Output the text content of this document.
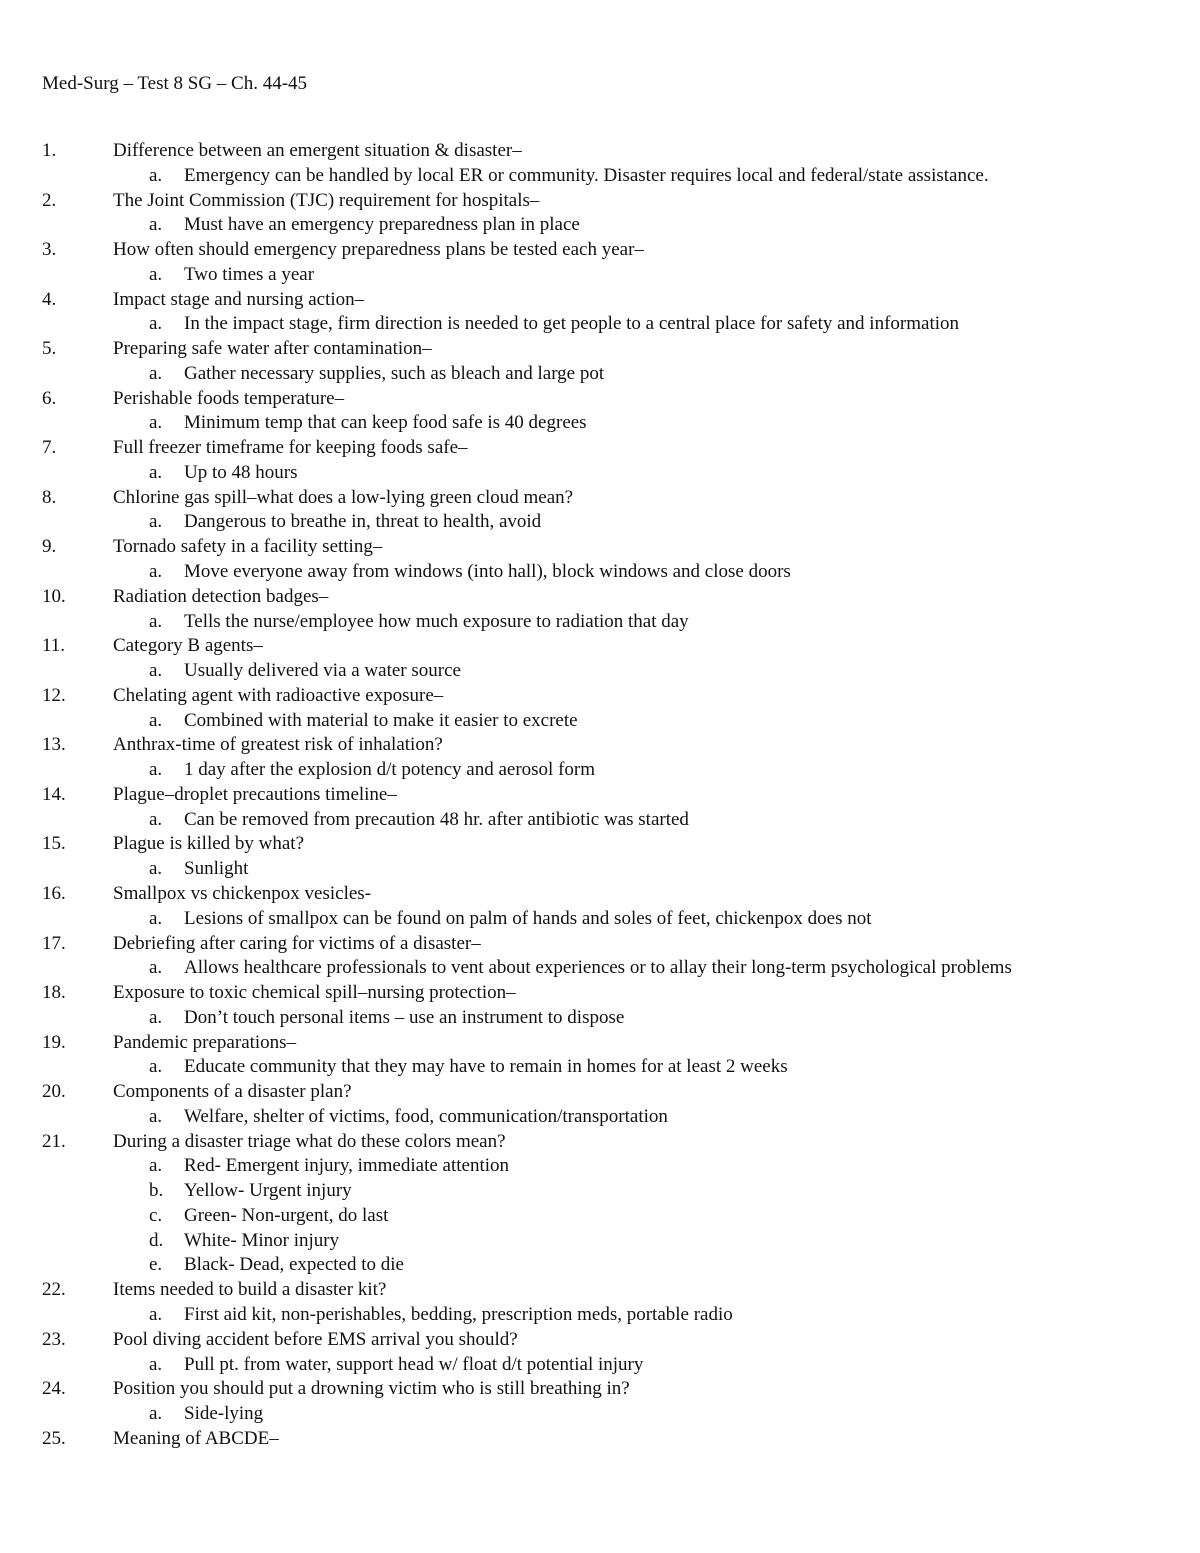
Med-Surg – Test 8 SG – Ch. 44-45
1.	Difference between an emergent situation & disaster–
a. Emergency can be handled by local ER or community. Disaster requires local and federal/state assistance.
2.	The Joint Commission (TJC) requirement for hospitals–
a. Must have an emergency preparedness plan in place
3.	How often should emergency preparedness plans be tested each year–
a. Two times a year
4.	Impact stage and nursing action–
a. In the impact stage, firm direction is needed to get people to a central place for safety and information
5.	Preparing safe water after contamination–
a. Gather necessary supplies, such as bleach and large pot
6.	Perishable foods temperature–
a. Minimum temp that can keep food safe is 40 degrees
7.	Full freezer timeframe for keeping foods safe–
a. Up to 48 hours
8.	Chlorine gas spill–what does a low-lying green cloud mean?
a. Dangerous to breathe in, threat to health, avoid
9.	Tornado safety in a facility setting–
a. Move everyone away from windows (into hall), block windows and close doors
10. Radiation detection badges–
a. Tells the nurse/employee how much exposure to radiation that day
11.	Category B agents–
a. Usually delivered via a water source
12. Chelating agent with radioactive exposure–
a. Combined with material to make it easier to excrete
13. Anthrax-time of greatest risk of inhalation?
a. 1 day after the explosion d/t potency and aerosol form
14. Plague–droplet precautions timeline–
a. Can be removed from precaution 48 hr. after antibiotic was started
15. Plague is killed by what?
a. Sunlight
16. Smallpox vs chickenpox vesicles-
a. Lesions of smallpox can be found on palm of hands and soles of feet, chickenpox does not
17. Debriefing after caring for victims of a disaster–
a. Allows healthcare professionals to vent about experiences or to allay their long-term psychological problems
18. Exposure to toxic chemical spill–nursing protection–
a. Don’t touch personal items – use an instrument to dispose
19. Pandemic preparations–
a. Educate community that they may have to remain in homes for at least 2 weeks
20. Components of a disaster plan?
a. Welfare, shelter of victims, food, communication/transportation
21. During a disaster triage what do these colors mean?
a. Red- Emergent injury, immediate attention
b. Yellow- Urgent injury
c. Green- Non-urgent, do last
d. White- Minor injury
e. Black- Dead, expected to die
22. Items needed to build a disaster kit?
a. First aid kit, non-perishables, bedding, prescription meds, portable radio
23. Pool diving accident before EMS arrival you should?
a. Pull pt. from water, support head w/ float d/t potential injury
24. Position you should put a drowning victim who is still breathing in?
a. Side-lying
25. Meaning of ABCDE–
